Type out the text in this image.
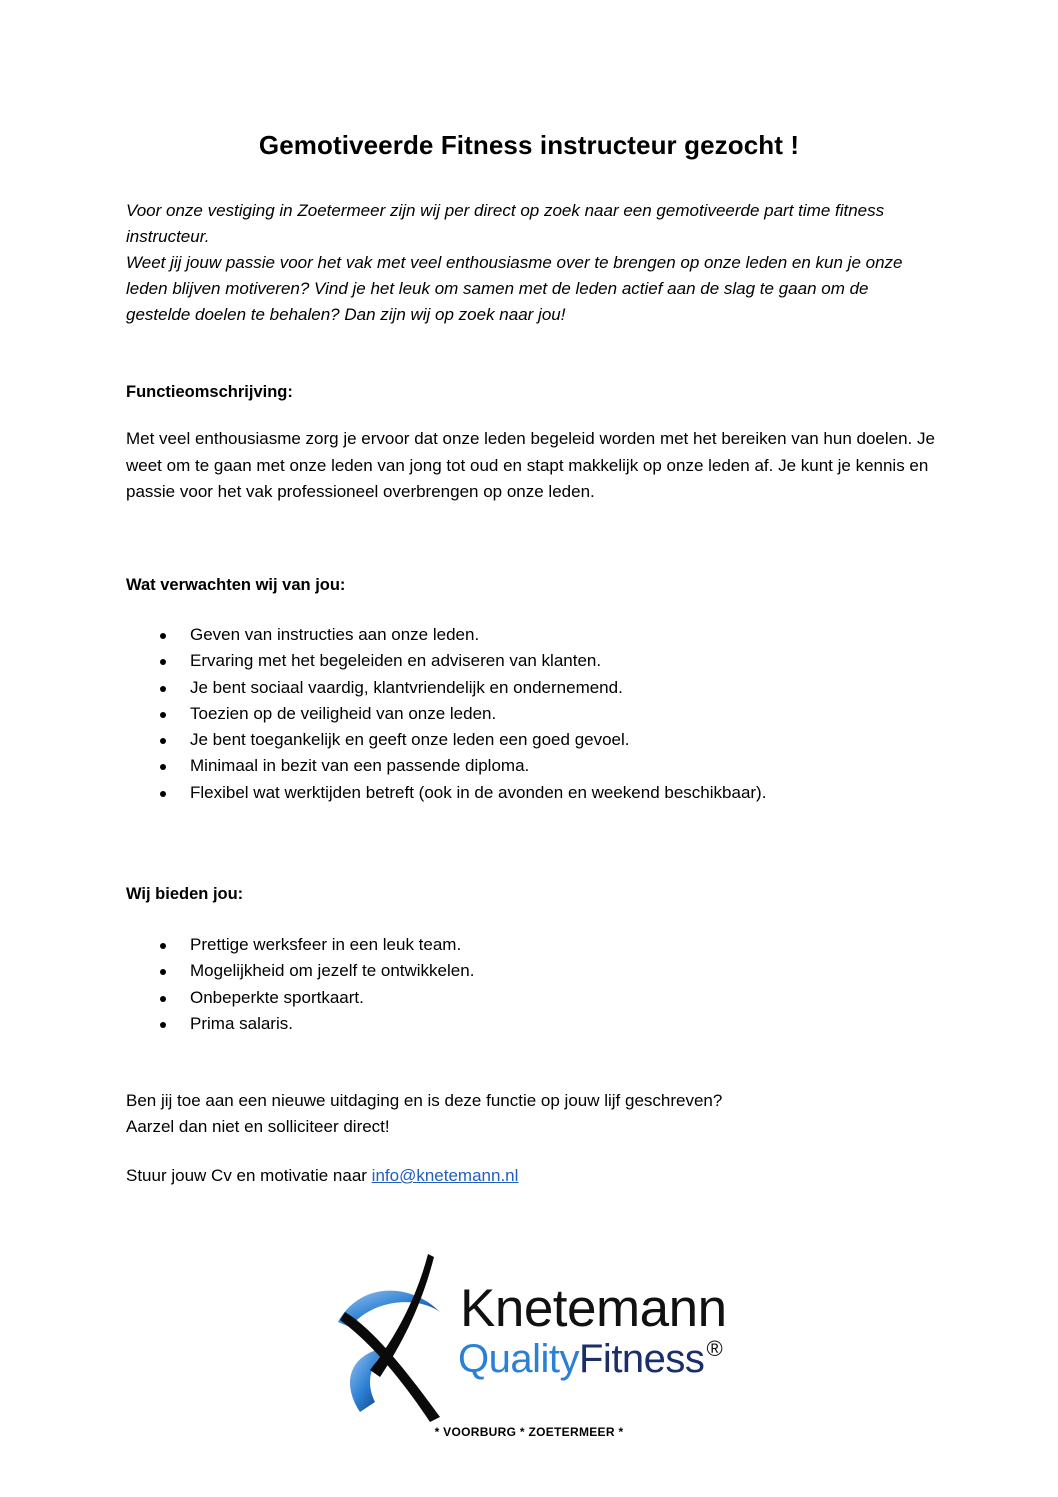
Gemotiveerde Fitness instructeur gezocht !

Voor onze vestiging in Zoetermeer zijn wij per direct op zoek naar een gemotiveerde part time fitness instructeur.

Weet jij jouw passie voor het vak met veel enthousiasme over te brengen op onze leden en kun je onze leden blijven motiveren? Vind je het leuk om samen met de leden actief aan de slag te gaan om de gestelde doelen te behalen? Dan zijn wij op zoek naar jou!

Functieomschrijving:

Met veel enthousiasme zorg je ervoor dat onze leden begeleid worden met het bereiken van hun doelen. Je weet om te gaan met onze leden van jong tot oud en stapt makkelijk op onze leden af. Je kunt je kennis en passie voor het vak professioneel overbrengen op onze leden.

Wat verwachten wij van jou:
Geven van instructies aan onze leden.
Ervaring met het begeleiden en adviseren van klanten.
Je bent sociaal vaardig, klantvriendelijk en ondernemend.
Toezien op de veiligheid van onze leden.
Je bent toegankelijk en geeft onze leden een goed gevoel.
Minimaal in bezit van een passende diploma.
Flexibel wat werktijden betreft (ook in de avonden en weekend beschikbaar).
Wij bieden jou:
Prettige werksfeer in een leuk team.
Mogelijkheid om jezelf te ontwikkelen.
Onbeperkte sportkaart.
Prima salaris.

Ben jij toe aan een nieuwe uitdaging en is deze functie op jouw lijf geschreven?

Aarzel dan niet en solliciteer direct!

Stuur jouw Cv en motivatie naar info@knetemann.nl
Knetemann
QualityFitness®
* VOORBURG * ZOETERMEER *
